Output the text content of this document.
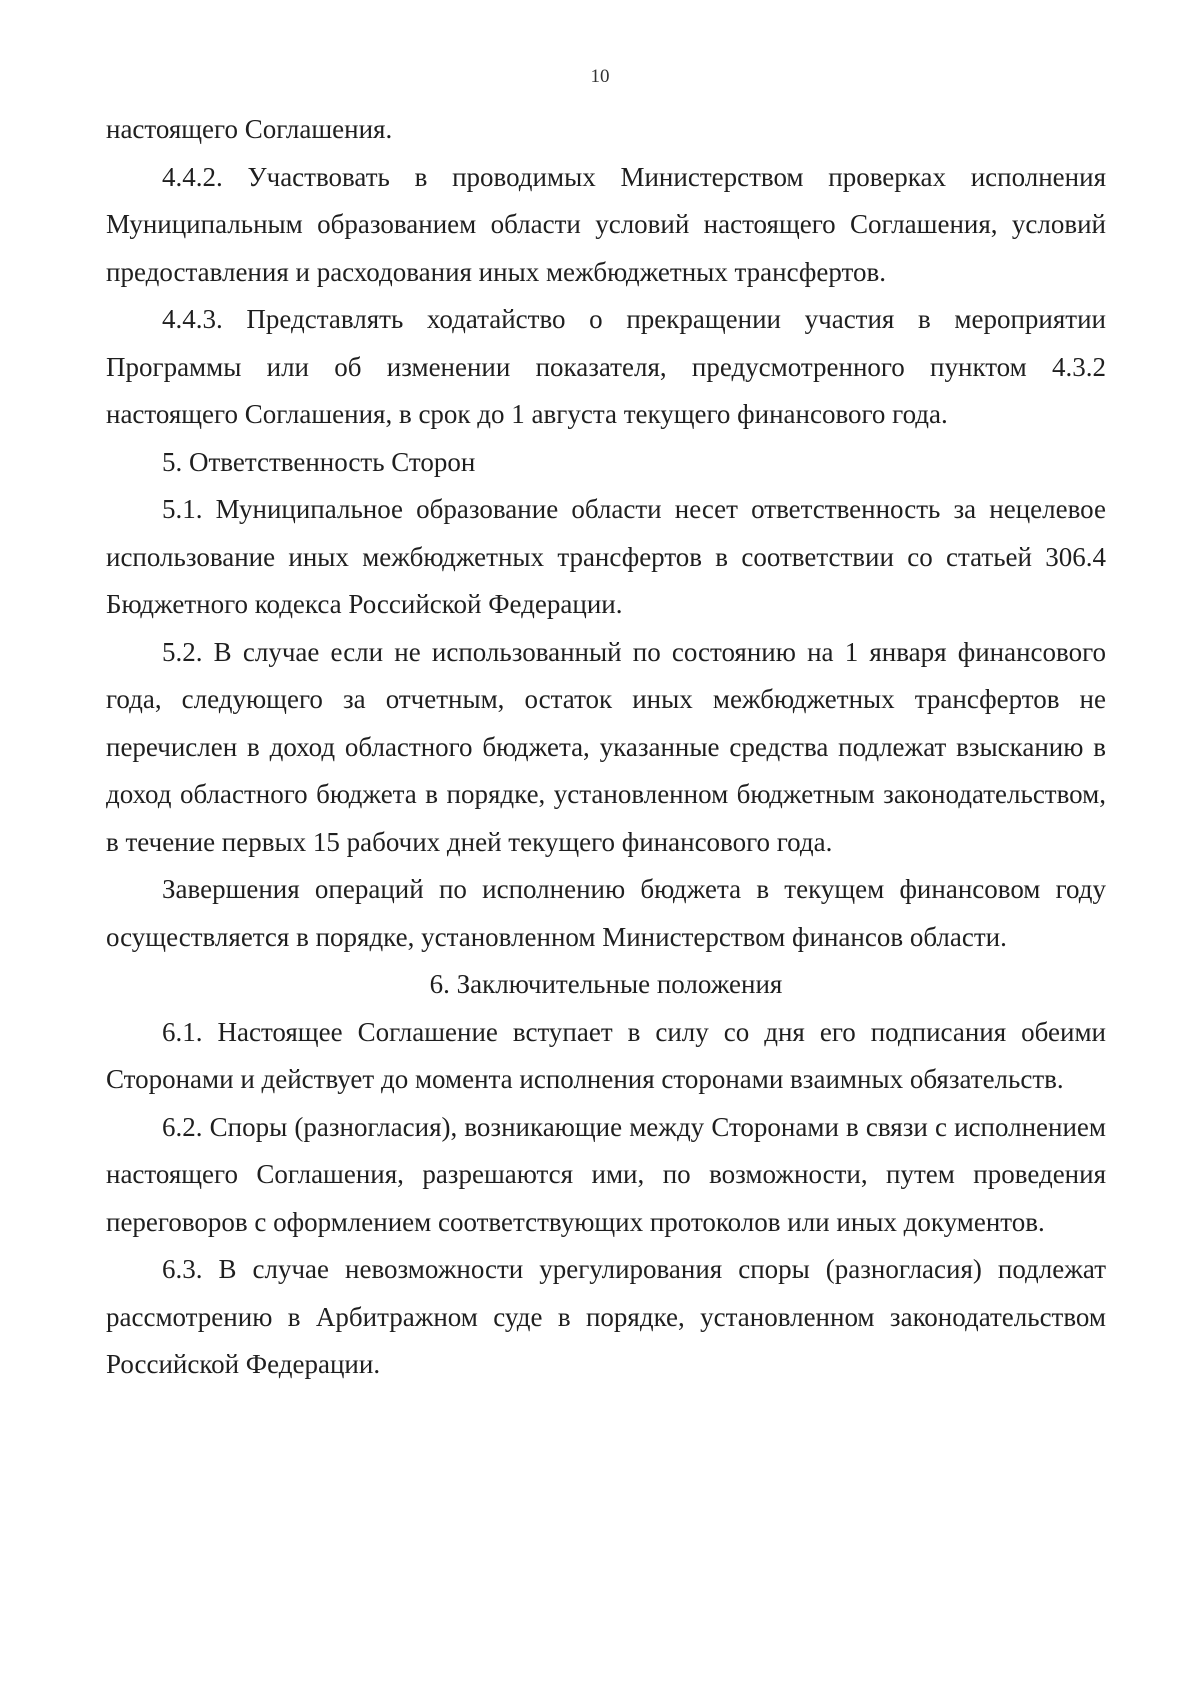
10

настоящего Соглашения.

4.4.2. Участвовать в проводимых Министерством проверках исполнения Муниципальным образованием области условий настоящего Соглашения, условий предоставления и расходования иных межбюджетных трансфертов.

4.4.3. Представлять ходатайство о прекращении участия в мероприятии Программы или об изменении показателя, предусмотренного пунктом 4.3.2 настоящего Соглашения, в срок до 1 августа текущего финансового года.

5. Ответственность Сторон

5.1. Муниципальное образование области несет ответственность за нецелевое использование иных межбюджетных трансфертов в соответствии со статьей 306.4 Бюджетного кодекса Российской Федерации.

5.2. В случае если не использованный по состоянию на 1 января финансового года, следующего за отчетным, остаток иных межбюджетных трансфертов не перечислен в доход областного бюджета, указанные средства подлежат взысканию в доход областного бюджета в порядке, установленном бюджетным законодательством, в течение первых 15 рабочих дней текущего финансового года.

Завершения операций по исполнению бюджета в текущем финансовом году осуществляется в порядке, установленном Министерством финансов области.

6. Заключительные положения

6.1. Настоящее Соглашение вступает в силу со дня его подписания обеими Сторонами и действует до момента исполнения сторонами взаимных обязательств.

6.2. Споры (разногласия), возникающие между Сторонами в связи с исполнением настоящего Соглашения, разрешаются ими, по возможности, путем проведения переговоров с оформлением соответствующих протоколов или иных документов.

6.3. В случае невозможности урегулирования споры (разногласия) подлежат рассмотрению в Арбитражном суде в порядке, установленном законодательством Российской Федерации.
